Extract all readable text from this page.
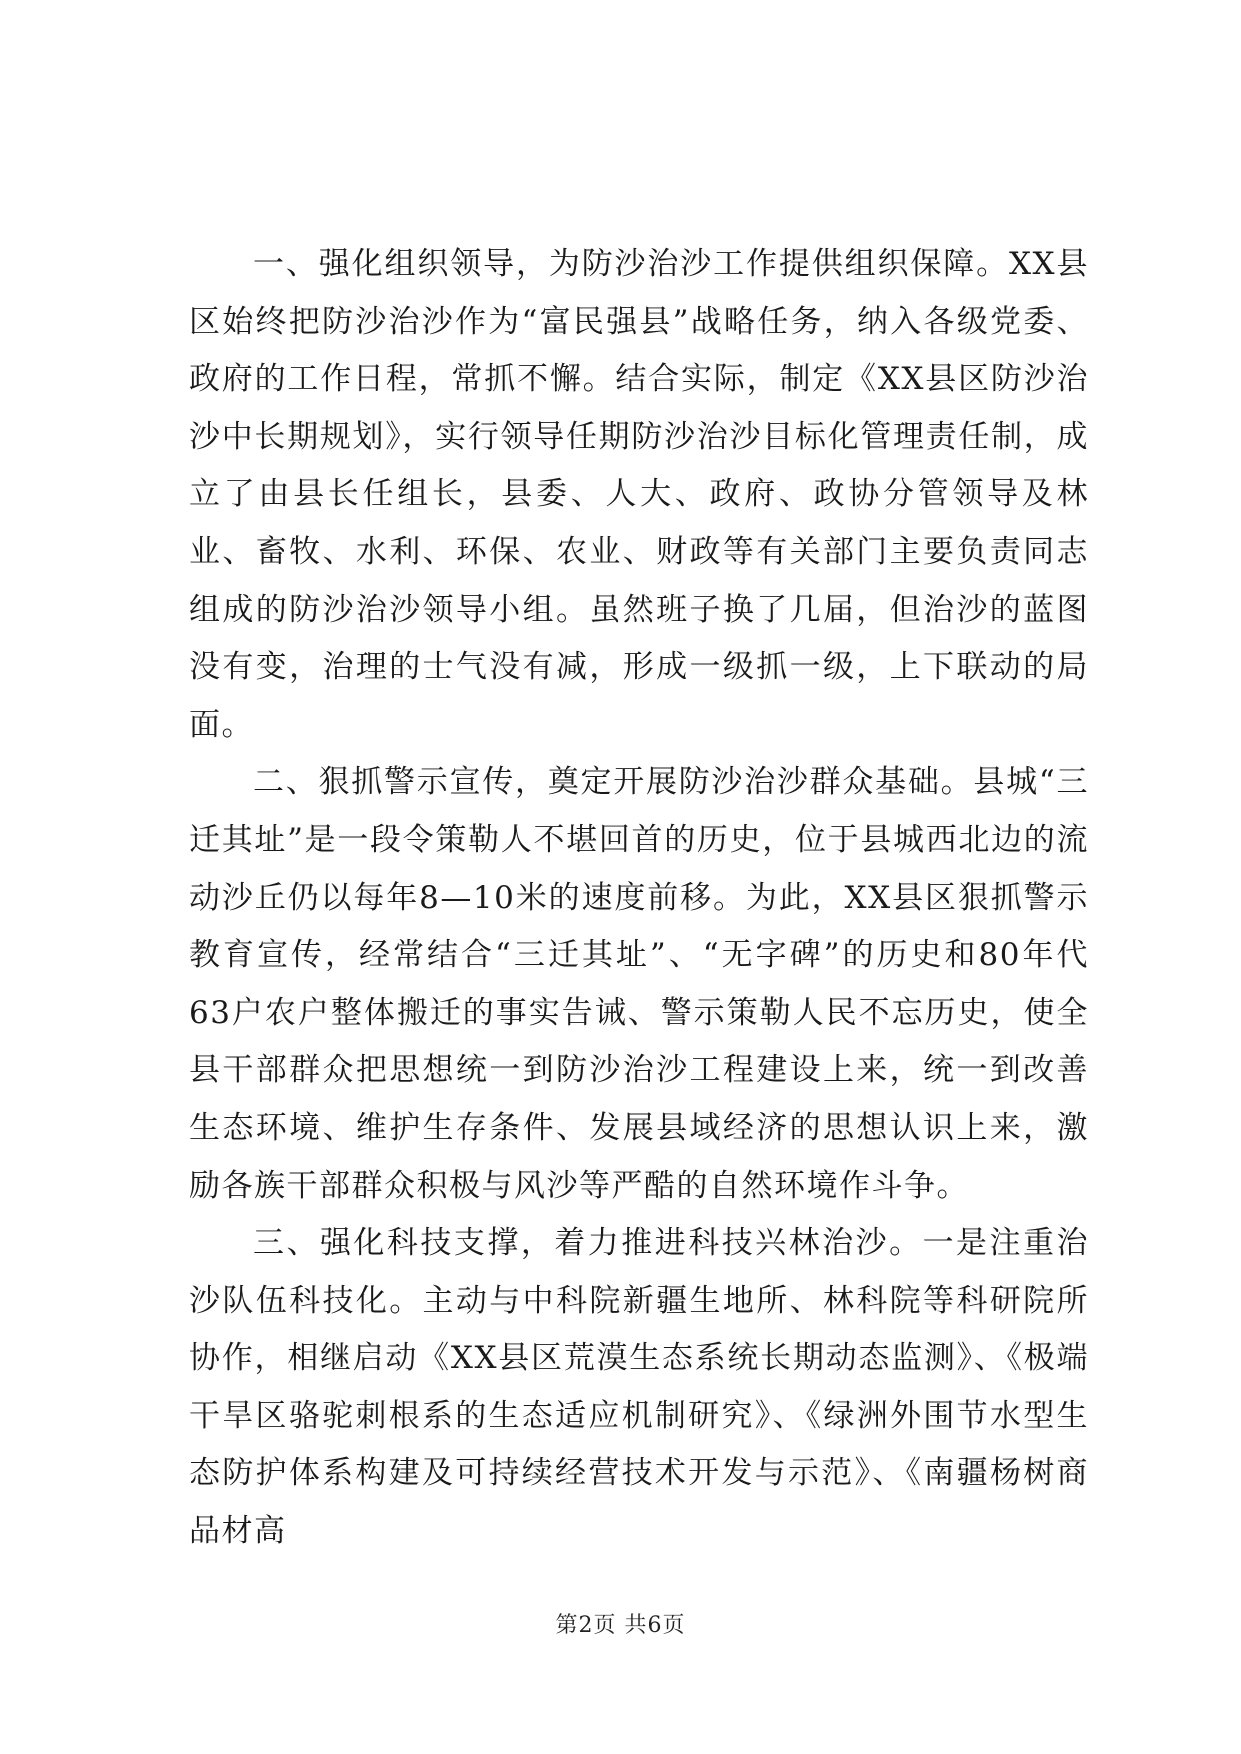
一、强化组织领导，为防沙治沙工作提供组织保障。XX县区始终把防沙治沙作为“富民强县”战略任务，纳入各级党委、政府的工作日程，常抓不懈。结合实际，制定《XX县区防沙治沙中长期规划》，实行领导任期防沙治沙目标化管理责任制，成立了由县长任组长，县委、人大、政府、政协分管领导及林业、畜牧、水利、环保、农业、财政等有关部门主要负责同志组成的防沙治沙领导小组。虽然班子换了几届，但治沙的蓝图没有变，治理的士气没有减，形成一级抓一级，上下联动的局面。

二、狠抓警示宣传，奠定开展防沙治沙群众基础。县城“三迁其址”是一段令策勒人不堪回首的历史，位于县城西北边的流动沙丘仍以每年8—10米的速度前移。为此，XX县区狠抓警示教育宣传，经常结合“三迁其址”、“无字碑”的历史和80年代63户农户整体搬迁的事实告诫、警示策勒人民不忘历史，使全县干部群众把思想统一到防沙治沙工程建设上来，统一到改善生态环境、维护生存条件、发展县域经济的思想认识上来，激励各族干部群众积极与风沙等严酷的自然环境作斗争。

三、强化科技支撑，着力推进科技兴林治沙。一是注重治沙队伍科技化。主动与中科院新疆生地所、林科院等科研院所协作，相继启动《XX县区荒漠生态系统长期动态监测》、《极端干旱区骆驼刺根系的生态适应机制研究》、《绿洲外围节水型生态防护体系构建及可持续经营技术开发与示范》、《南疆杨树商品材高

第2页 共6页
